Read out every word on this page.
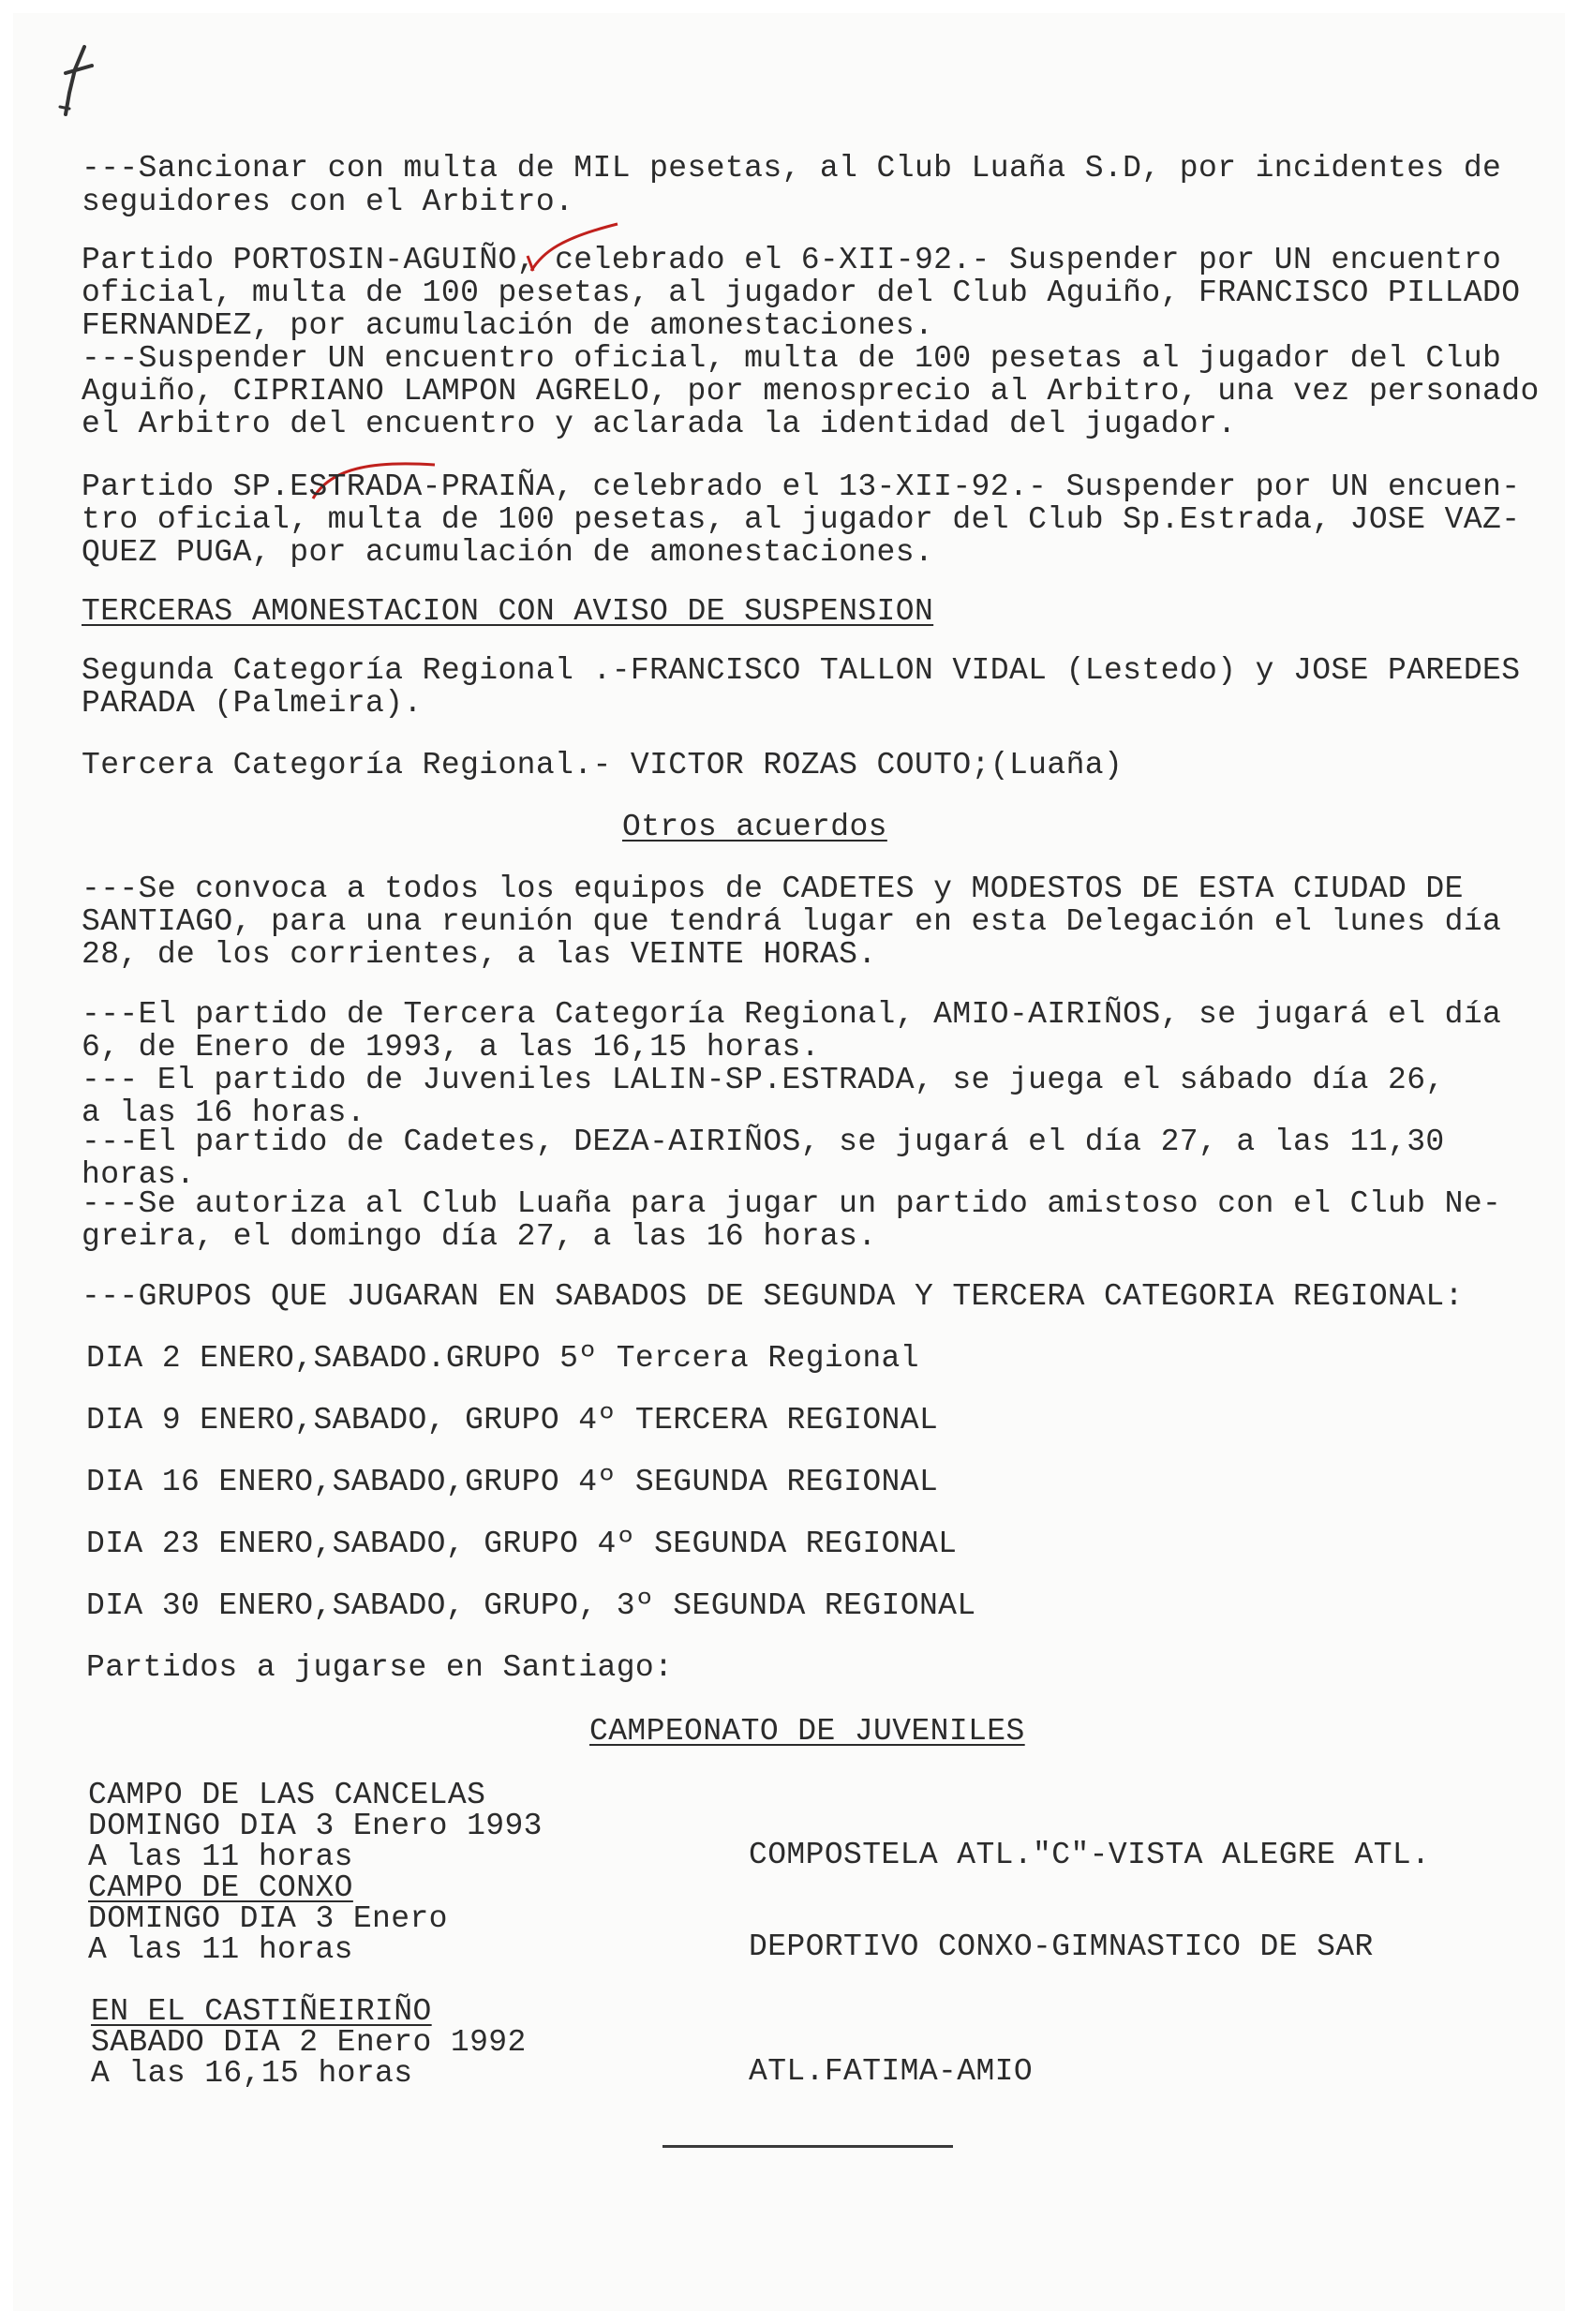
---Sancionar con multa de MIL pesetas, al Club Luaña S.D, por incidentes de
seguidores con el Arbitro.
Partido PORTOSIN-AGUIÑO, celebrado el 6-XII-92.- Suspender por UN encuentro
oficial, multa de 100 pesetas, al jugador del Club Aguiño, FRANCISCO PILLADO
FERNANDEZ, por acumulación de amonestaciones.
---Suspender UN encuentro oficial, multa de 100 pesetas al jugador del Club
Aguiño, CIPRIANO LAMPON AGRELO, por menosprecio al Arbitro, una vez personado
el Arbitro del encuentro y aclarada la identidad del jugador.
Partido SP.ESTRADA-PRAIÑA, celebrado el 13-XII-92.- Suspender por UN encuen-
tro oficial, multa de 100 pesetas, al jugador del Club Sp.Estrada, JOSE VAZ-
QUEZ PUGA, por acumulación de amonestaciones.
TERCERAS AMONESTACION CON AVISO DE SUSPENSION
Segunda Categoría Regional .-FRANCISCO TALLON VIDAL (Lestedo) y JOSE PAREDES
PARADA (Palmeira).
Tercera Categoría Regional.- VICTOR ROZAS COUTO;(Luaña)
Otros acuerdos
---Se convoca a todos los equipos de CADETES y MODESTOS DE ESTA CIUDAD DE
SANTIAGO, para una reunión que tendrá lugar en esta Delegación el lunes día
28, de los corrientes, a las VEINTE HORAS.
---El partido de Tercera Categoría Regional, AMIO-AIRIÑOS, se jugará el día
6, de Enero de 1993, a las 16,15 horas.
--- El partido de Juveniles LALIN-SP.ESTRADA, se juega el sábado día 26,
a las 16 horas.
---El partido de Cadetes, DEZA-AIRIÑOS, se jugará el día 27, a las 11,30
horas.
---Se autoriza al Club Luaña para jugar un partido amistoso con el Club Ne-
greira, el domingo día 27, a las 16 horas.
---GRUPOS QUE JUGARAN EN SABADOS DE SEGUNDA Y TERCERA CATEGORIA REGIONAL:
DIA 2 ENERO,SABADO.GRUPO 5º Tercera Regional
DIA 9 ENERO,SABADO, GRUPO 4º TERCERA REGIONAL
DIA 16 ENERO,SABADO,GRUPO 4º SEGUNDA REGIONAL
DIA 23 ENERO,SABADO, GRUPO 4º SEGUNDA REGIONAL
DIA 30 ENERO,SABADO, GRUPO, 3º SEGUNDA REGIONAL
Partidos a jugarse en Santiago:
CAMPEONATO DE JUVENILES
CAMPO DE LAS CANCELAS
DOMINGO DIA 3 Enero 1993
A las 11 horas	COMPOSTELA ATL."C"-VISTA ALEGRE ATL.
CAMPO DE CONXO
DOMINGO DIA 3 Enero
A las 11 horas	DEPORTIVO CONXO-GIMNASTICO DE SAR
EN EL CASTIÑEIRIÑO
SABADO DIA 2 Enero 1992
A las 16,15 horas	ATL.FATIMA-AMIO
